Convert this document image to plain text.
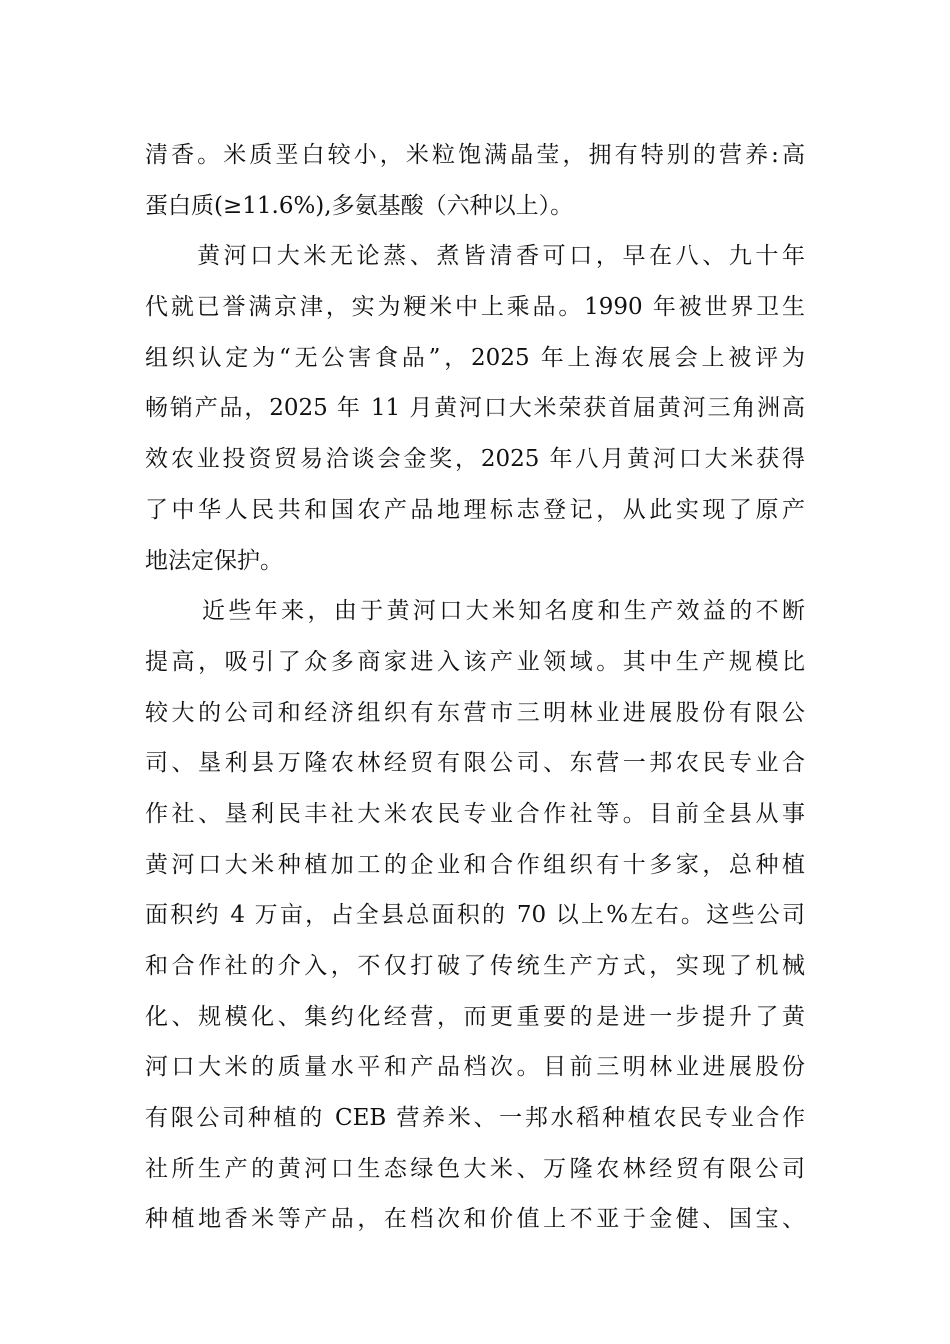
清香。米质垩白较小，米粒饱满晶莹，拥有特别的营养:高
蛋白质(≥11.6%),多氨基酸（六种以上）。
黄河口大米无论蒸、煮皆清香可口，早在八、九十年
代就已誉满京津，实为粳米中上乘品。1990 年被世界卫生
组织认定为“无公害食品”，2025 年上海农展会上被评为
畅销产品，2025 年 11 月黄河口大米荣获首届黄河三角洲高
效农业投资贸易洽谈会金奖，2025 年八月黄河口大米获得
了中华人民共和国农产品地理标志登记，从此实现了原产
地法定保护。
近些年来，由于黄河口大米知名度和生产效益的不断
提高，吸引了众多商家进入该产业领域。其中生产规模比
较大的公司和经济组织有东营市三明林业进展股份有限公
司、垦利县万隆农林经贸有限公司、东营一邦农民专业合
作社、垦利民丰社大米农民专业合作社等。目前全县从事
黄河口大米种植加工的企业和合作组织有十多家，总种植
面积约 4 万亩，占全县总面积的 70 以上%左右。这些公司
和合作社的介入，不仅打破了传统生产方式，实现了机械
化、规模化、集约化经营，而更重要的是进一步提升了黄
河口大米的质量水平和产品档次。目前三明林业进展股份
有限公司种植的 CEB 营养米、一邦水稻种植农民专业合作
社所生产的黄河口生态绿色大米、万隆农林经贸有限公司
种植地香米等产品，在档次和价值上不亚于金健、国宝、
